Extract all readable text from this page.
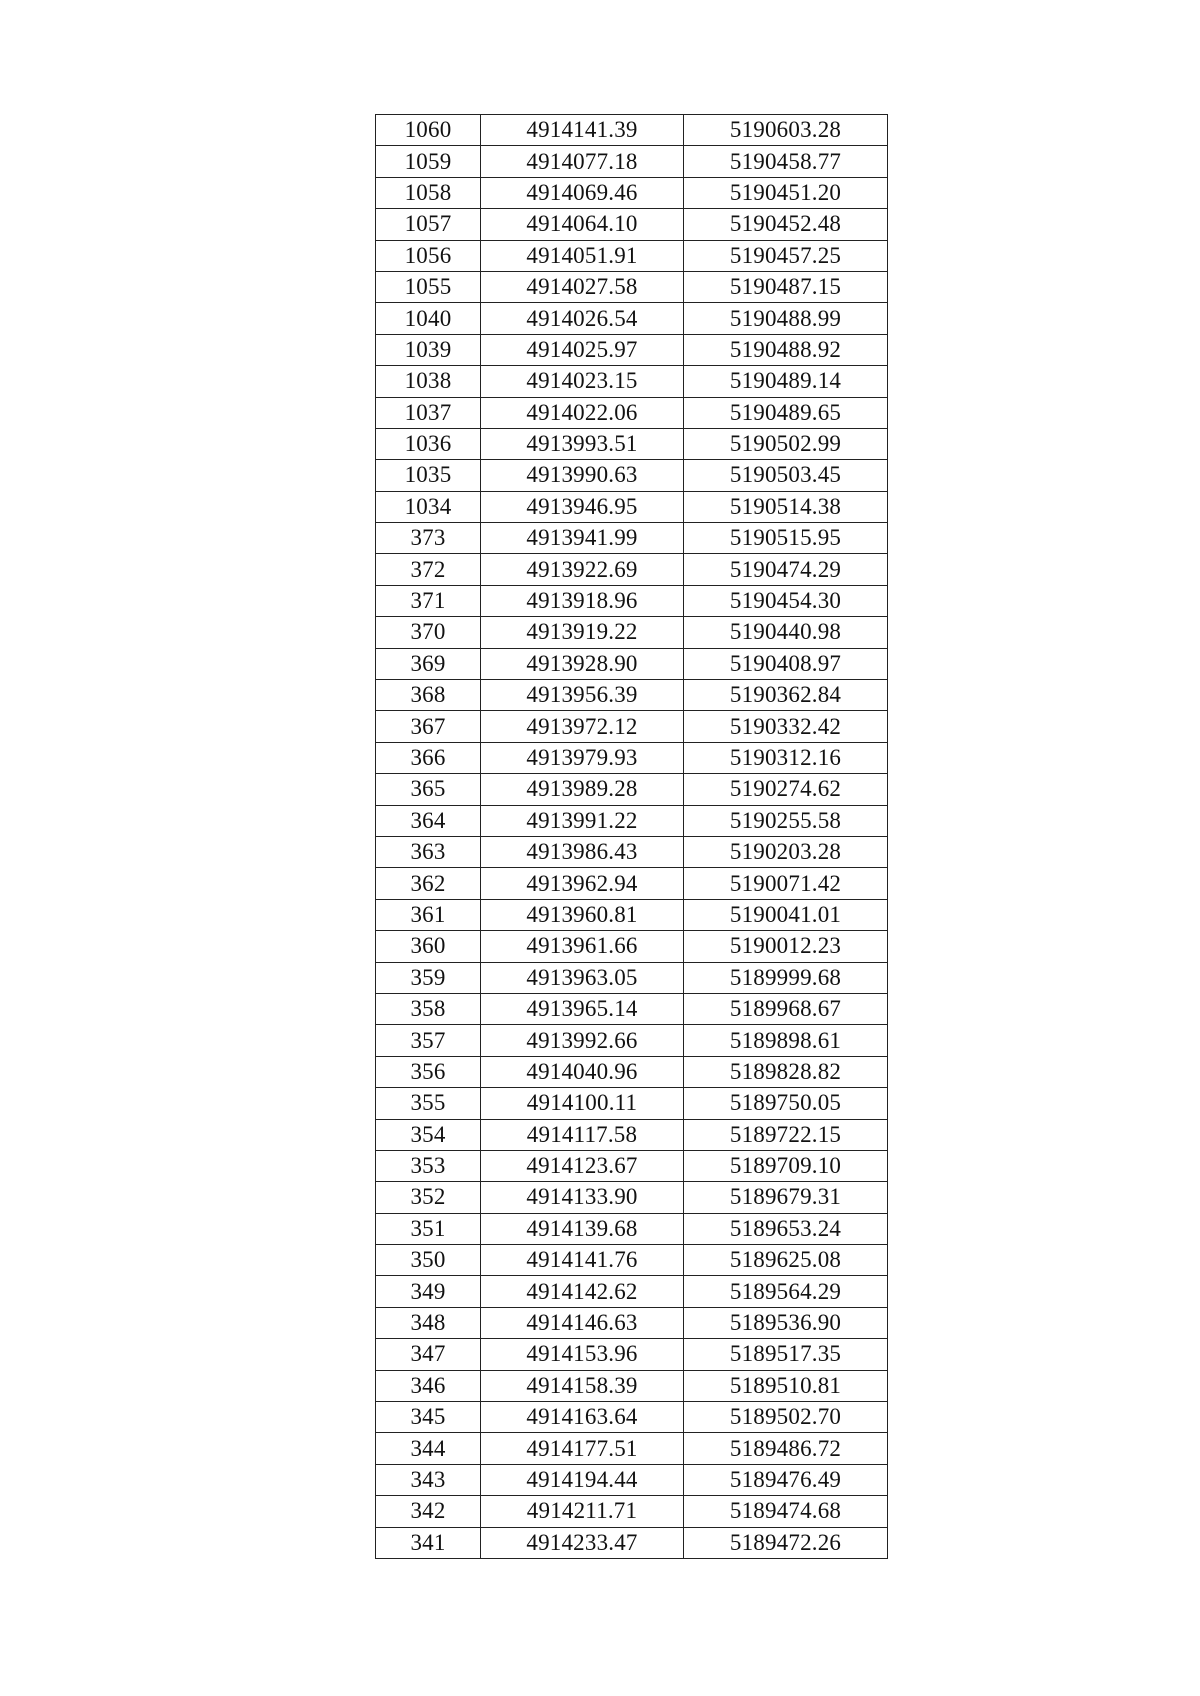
1060	4914141.39	5190603.28
1059	4914077.18	5190458.77
1058	4914069.46	5190451.20
1057	4914064.10	5190452.48
1056	4914051.91	5190457.25
1055	4914027.58	5190487.15
1040	4914026.54	5190488.99
1039	4914025.97	5190488.92
1038	4914023.15	5190489.14
1037	4914022.06	5190489.65
1036	4913993.51	5190502.99
1035	4913990.63	5190503.45
1034	4913946.95	5190514.38
373	4913941.99	5190515.95
372	4913922.69	5190474.29
371	4913918.96	5190454.30
370	4913919.22	5190440.98
369	4913928.90	5190408.97
368	4913956.39	5190362.84
367	4913972.12	5190332.42
366	4913979.93	5190312.16
365	4913989.28	5190274.62
364	4913991.22	5190255.58
363	4913986.43	5190203.28
362	4913962.94	5190071.42
361	4913960.81	5190041.01
360	4913961.66	5190012.23
359	4913963.05	5189999.68
358	4913965.14	5189968.67
357	4913992.66	5189898.61
356	4914040.96	5189828.82
355	4914100.11	5189750.05
354	4914117.58	5189722.15
353	4914123.67	5189709.10
352	4914133.90	5189679.31
351	4914139.68	5189653.24
350	4914141.76	5189625.08
349	4914142.62	5189564.29
348	4914146.63	5189536.90
347	4914153.96	5189517.35
346	4914158.39	5189510.81
345	4914163.64	5189502.70
344	4914177.51	5189486.72
343	4914194.44	5189476.49
342	4914211.71	5189474.68
341	4914233.47	5189472.26
